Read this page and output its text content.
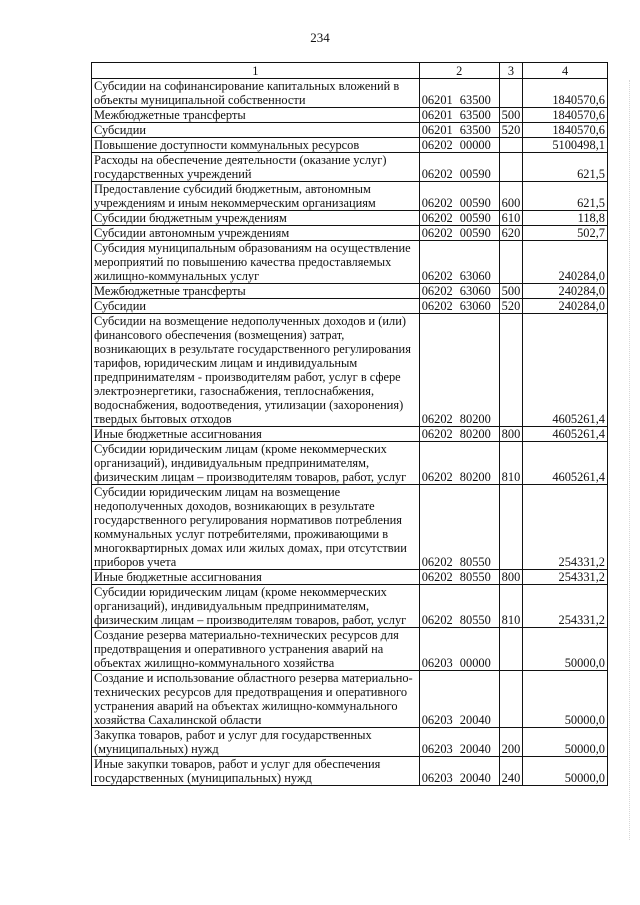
234
1	2	3	4
Субсидии на софинансирование капитальных вложений в объекты муниципальной собственности	06201 63500		1840570,6
Межбюджетные трансферты	06201 63500	500	1840570,6
Субсидии	06201 63500	520	1840570,6
Повышение доступности коммунальных ресурсов	06202 00000		5100498,1
Расходы на обеспечение деятельности (оказание услуг) государственных учреждений	06202 00590		621,5
Предоставление субсидий бюджетным, автономным учреждениям и иным некоммерческим организациям	06202 00590	600	621,5
Субсидии бюджетным учреждениям	06202 00590	610	118,8
Субсидии автономным учреждениям	06202 00590	620	502,7
Субсидия муниципальным образованиям на осуществление мероприятий по повышению качества предоставляемых жилищно-коммунальных услуг	06202 63060		240284,0
Межбюджетные трансферты	06202 63060	500	240284,0
Субсидии	06202 63060	520	240284,0
Субсидии на возмещение недополученных доходов и (или) финансового обеспечения (возмещения) затрат, возникающих в результате государственного регулирования тарифов, юридическим лицам и индивидуальным предпринимателям - производителям работ, услуг в сфере электроэнергетики, газоснабжения, теплоснабжения, водоснабжения, водоотведения, утилизации (захоронения) твердых бытовых отходов	06202 80200		4605261,4
Иные бюджетные ассигнования	06202 80200	800	4605261,4
Субсидии юридическим лицам (кроме некоммерческих организаций), индивидуальным предпринимателям, физическим лицам – производителям товаров, работ, услуг	06202 80200	810	4605261,4
Субсидии юридическим лицам на возмещение недополученных доходов, возникающих в результате государственного регулирования нормативов потребления коммунальных услуг потребителями, проживающими в многоквартирных домах или жилых домах, при отсутствии приборов учета	06202 80550		254331,2
Иные бюджетные ассигнования	06202 80550	800	254331,2
Субсидии юридическим лицам (кроме некоммерческих организаций), индивидуальным предпринимателям, физическим лицам – производителям товаров, работ, услуг	06202 80550	810	254331,2
Создание резерва материально-технических ресурсов для предотвращения и оперативного устранения аварий на объектах жилищно-коммунального хозяйства	06203 00000		50000,0
Создание и использование областного резерва материально-технических ресурсов для предотвращения и оперативного устранения аварий на объектах жилищно-коммунального хозяйства Сахалинской области	06203 20040		50000,0
Закупка товаров, работ и услуг для государственных (муниципальных) нужд	06203 20040	200	50000,0
Иные закупки товаров, работ и услуг для обеспечения государственных (муниципальных) нужд	06203 20040	240	50000,0
